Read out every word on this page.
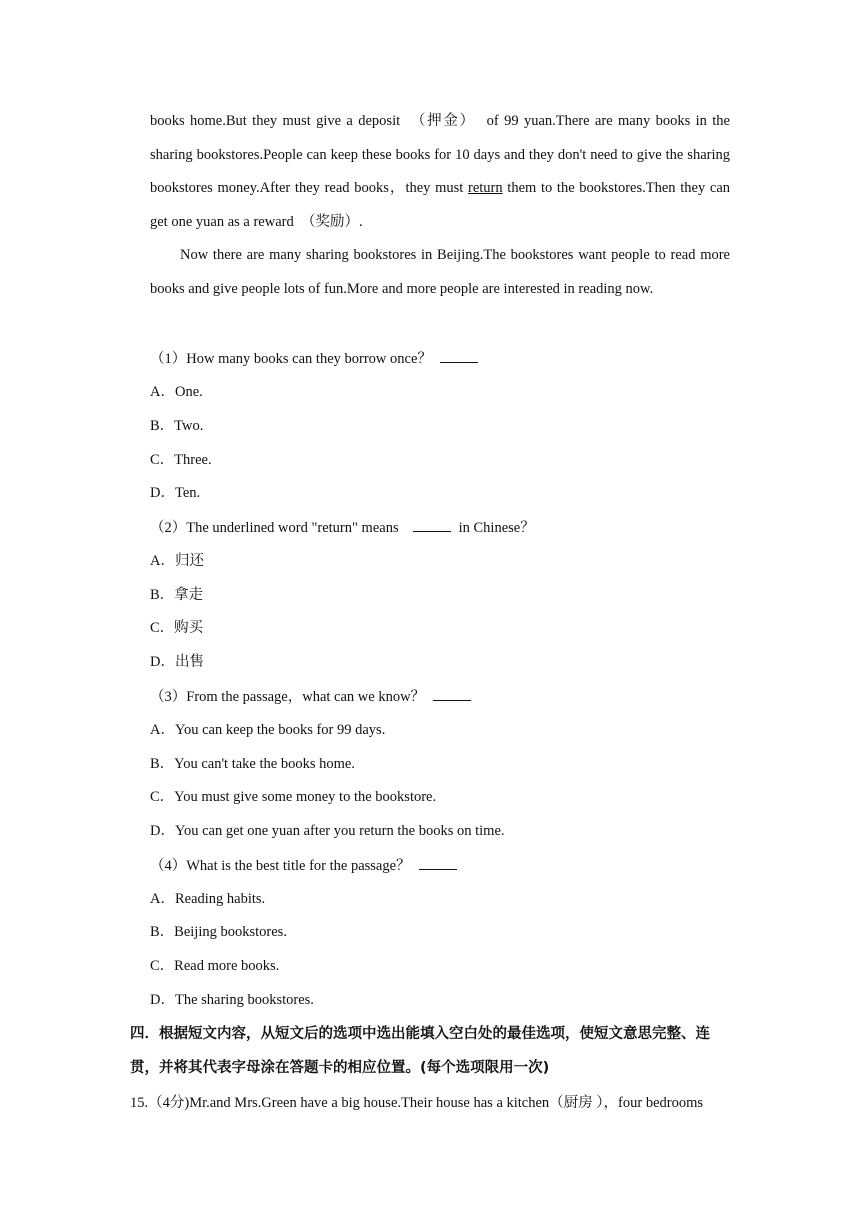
books home.But they must give a deposit  （押金）  of 99 yuan.There are many books in the sharing bookstores.People can keep these books for 10 days and they don't need to give the sharing bookstores money.After they read books，they must return them to the bookstores.Then they can get one yuan as a reward  （奖励）.

Now there are many sharing bookstores in Beijing.The bookstores want people to read more books and give people lots of fun.More and more people are interested in reading now.

（1）How many books can they borrow once？
A．One.
B．Two.
C．Three.
D．Ten.
（2）The underlined word "return" means	in Chinese？
A．归还
B．拿走
C．购买
D．出售
（3）From the passage，what can we know？
A．You can keep the books for 99 days.
B．You can't take the books home.
C．You must give some money to the bookstore.
D．You can get one yuan after you return the books on time.
（4）What is the best title for the passage？
A．Reading habits.
B．Beijing bookstores.
C．Read more books.
D．The sharing bookstores.
四．根据短文内容，从短文后的选项中选出能填入空白处的最佳选项，使短文意思完整、连贯，并将其代表字母涂在答题卡的相应位置。(每个选项限用一次)
15.（4分)Mr.and Mrs.Green have a big house.Their house has a kitchen（厨房 ），four bedrooms
